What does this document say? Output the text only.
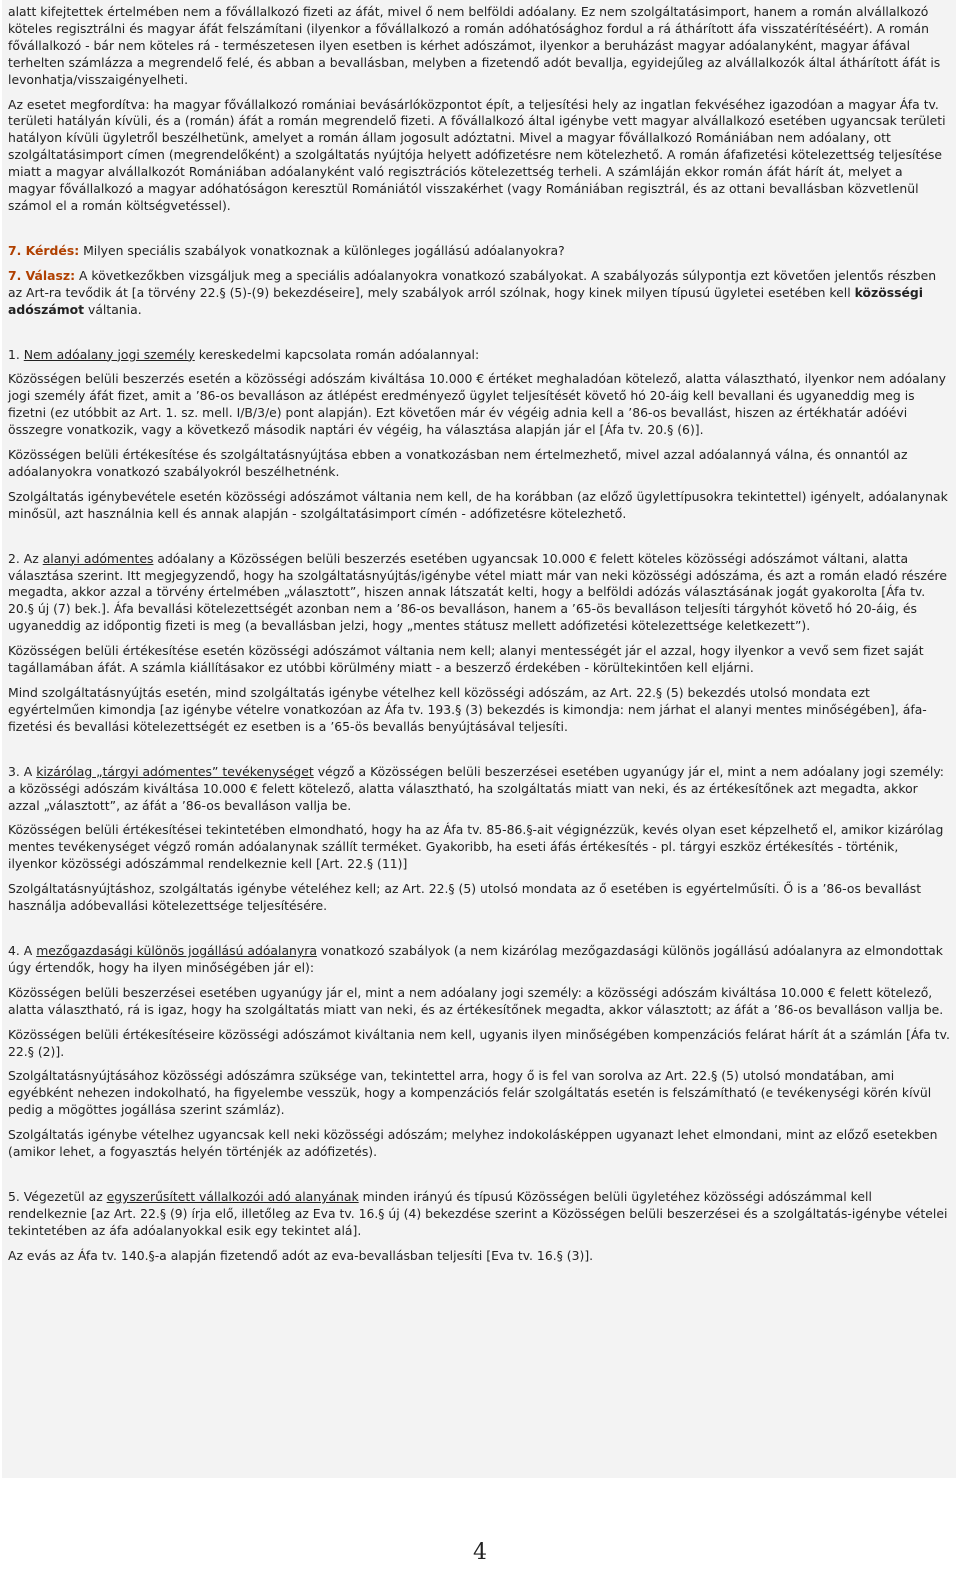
alatt kifejtettek értelmében nem a fővállalkozó fizeti az áfát, mivel ő nem belföldi adóalany. Ez nem szolgáltatásimport, hanem a román alvállalkozó köteles regisztrálni és magyar áfát felszámítani (ilyenkor a fővállalkozó a román adóhatósághoz fordul a rá áthárított áfa visszatérítéséért). A román fővállalkozó - bár nem köteles rá - természetesen ilyen esetben is kérhet adószámot, ilyenkor a beruházást magyar adóalanyként, magyar áfával terhelten számlázza a megrendelő felé, és abban a bevallásban, melyben a fizetendő adót bevallja, egyidejűleg az alvállalkozók által áthárított áfát is levonhatja/visszaigényelheti.

Az esetet megfordítva: ha magyar fővállalkozó romániai bevásárlóközpontot épít, a teljesítési hely az ingatlan fekvéséhez igazodóan a magyar Áfa tv. területi hatályán kívüli, és a (román) áfát a román megrendelő fizeti. A fővállalkozó által igénybe vett magyar alvállalkozó esetében ugyancsak területi hatályon kívüli ügyletről beszélhetünk, amelyet a román állam jogosult adóztatni. Mivel a magyar fővállalkozó Romániában nem adóalany, ott szolgáltatásimport címen (megrendelőként) a szolgáltatás nyújtója helyett adófizetésre nem kötelezhető. A román áfafizetési kötelezettség teljesítése miatt a magyar alvállalkozót Romániában adóalanyként való regisztrációs kötelezettség terheli. A számláján ekkor román áfát hárít át, melyet a magyar fővállalkozó a magyar adóhatóságon keresztül Romániától visszakérhet (vagy Romániában regisztrál, és az ottani bevallásban közvetlenül számol el a román költségvetéssel).

7. Kérdés: Milyen speciális szabályok vonatkoznak a különleges jogállású adóalanyokra?

7. Válasz: A következőkben vizsgáljuk meg a speciális adóalanyokra vonatkozó szabályokat. A szabályozás súlypontja ezt követően jelentős részben az Art-ra tevődik át [a törvény 22.§ (5)-(9) bekezdéseire], mely szabályok arról szólnak, hogy kinek milyen típusú ügyletei esetében kell közösségi adószámot váltania.

1. Nem adóalany jogi személy kereskedelmi kapcsolata román adóalannyal:

Közösségen belüli beszerzés esetén a közösségi adószám kiváltása 10.000 € értéket meghaladóan kötelező, alatta választható, ilyenkor nem adóalany jogi személy áfát fizet, amit a ’86-os bevalláson az átlépést eredményező ügylet teljesítését követő hó 20-áig kell bevallani és ugyaneddig meg is fizetni (ez utóbbit az Art. 1. sz. mell. I/B/3/e) pont alapján). Ezt követően már év végéig adnia kell a ’86-os bevallást, hiszen az értékhatár adóévi összegre vonatkozik, vagy a következő második naptári év végéig, ha választása alapján jár el [Áfa tv. 20.§ (6)].

Közösségen belüli értékesítése és szolgáltatásnyújtása ebben a vonatkozásban nem értelmezhető, mivel azzal adóalannyá válna, és onnantól az adóalanyokra vonatkozó szabályokról beszélhetnénk.

Szolgáltatás igénybevétele esetén közösségi adószámot váltania nem kell, de ha korábban (az előző ügylettípusokra tekintettel) igényelt, adóalanynak minősül, azt használnia kell és annak alapján - szolgáltatásimport címén - adófizetésre kötelezhető.

2. Az alanyi adómentes adóalany a Közösségen belüli beszerzés esetében ugyancsak 10.000 € felett köteles közösségi adószámot váltani, alatta választása szerint. Itt megjegyzendő, hogy ha szolgáltatásnyújtás/igénybe vétel miatt már van neki közösségi adószáma, és azt a román eladó részére megadta, akkor azzal a törvény értelmében „választott”, hiszen annak látszatát kelti, hogy a belföldi adózás választásának jogát gyakorolta [Áfa tv. 20.§ új (7) bek.]. Áfa bevallási kötelezettségét azonban nem a ’86-os bevalláson, hanem a ’65-ös bevalláson teljesíti tárgyhót követő hó 20-áig, és ugyaneddig az időpontig fizeti is meg (a bevallásban jelzi, hogy „mentes státusz mellett adófizetési kötelezettsége keletkezett”).

Közösségen belüli értékesítése esetén közösségi adószámot váltania nem kell; alanyi mentességét jár el azzal, hogy ilyenkor a vevő sem fizet saját tagállamában áfát. A számla kiállításakor ez utóbbi körülmény miatt - a beszerző érdekében - körültekintően kell eljárni.

Mind szolgáltatásnyújtás esetén, mind szolgáltatás igénybe vételhez kell közösségi adószám, az Art. 22.§ (5) bekezdés utolsó mondata ezt egyértelműen kimondja [az igénybe vételre vonatkozóan az Áfa tv. 193.§ (3) bekezdés is kimondja: nem járhat el alanyi mentes minőségében], áfa-fizetési és bevallási kötelezettségét ez esetben is a ’65-ös bevallás benyújtásával teljesíti.

3. A kizárólag „tárgyi adómentes” tevékenységet végző a Közösségen belüli beszerzései esetében ugyanúgy jár el, mint a nem adóalany jogi személy: a közösségi adószám kiváltása 10.000 € felett kötelező, alatta választható, ha szolgáltatás miatt van neki, és az értékesítőnek azt megadta, akkor azzal „választott”, az áfát a ’86-os bevalláson vallja be.

Közösségen belüli értékesítései tekintetében elmondható, hogy ha az Áfa tv. 85-86.§-ait végignézzük, kevés olyan eset képzelhető el, amikor kizárólag mentes tevékenységet végző román adóalanynak szállít terméket. Gyakoribb, ha eseti áfás értékesítés - pl. tárgyi eszköz értékesítés - történik, ilyenkor közösségi adószámmal rendelkeznie kell [Art. 22.§ (11)]

Szolgáltatásnyújtáshoz, szolgáltatás igénybe vételéhez kell; az Art. 22.§ (5) utolsó mondata az ő esetében is egyértelműsíti. Ő is a ’86-os bevallást használja adóbevallási kötelezettsége teljesítésére.

4. A mezőgazdasági különös jogállású adóalanyra vonatkozó szabályok (a nem kizárólag mezőgazdasági különös jogállású adóalanyra az elmondottak úgy értendők, hogy ha ilyen minőségében jár el):

Közösségen belüli beszerzései esetében ugyanúgy jár el, mint a nem adóalany jogi személy: a közösségi adószám kiváltása 10.000 € felett kötelező, alatta választható, rá is igaz, hogy ha szolgáltatás miatt van neki, és az értékesítőnek megadta, akkor választott; az áfát a ’86-os bevalláson vallja be.

Közösségen belüli értékesítéseire közösségi adószámot kiváltania nem kell, ugyanis ilyen minőségében kompenzációs felárat hárít át a számlán [Áfa tv. 22.§ (2)].

Szolgáltatásnyújtásához közösségi adószámra szüksége van, tekintettel arra, hogy ő is fel van sorolva az Art. 22.§ (5) utolsó mondatában, ami egyébként nehezen indokolható, ha figyelembe vesszük, hogy a kompenzációs felár szolgáltatás esetén is felszámítható (e tevékenységi körén kívül pedig a mögöttes jogállása szerint számláz).

Szolgáltatás igénybe vételhez ugyancsak kell neki közösségi adószám; melyhez indokolásképpen ugyanazt lehet elmondani, mint az előző esetekben (amikor lehet, a fogyasztás helyén történjék az adófizetés).

5. Végezetül az egyszerűsített vállalkozói adó alanyának minden irányú és típusú Közösségen belüli ügyletéhez közösségi adószámmal kell rendelkeznie [az Art. 22.§ (9) írja elő, illetőleg az Eva tv. 16.§ új (4) bekezdése szerint a Közösségen belüli beszerzései és a szolgáltatás-igénybe vételei tekintetében az áfa adóalanyokkal esik egy tekintet alá].

Az evás az Áfa tv. 140.§-a alapján fizetendő adót az eva-bevallásban teljesíti [Eva tv. 16.§ (3)].

4
